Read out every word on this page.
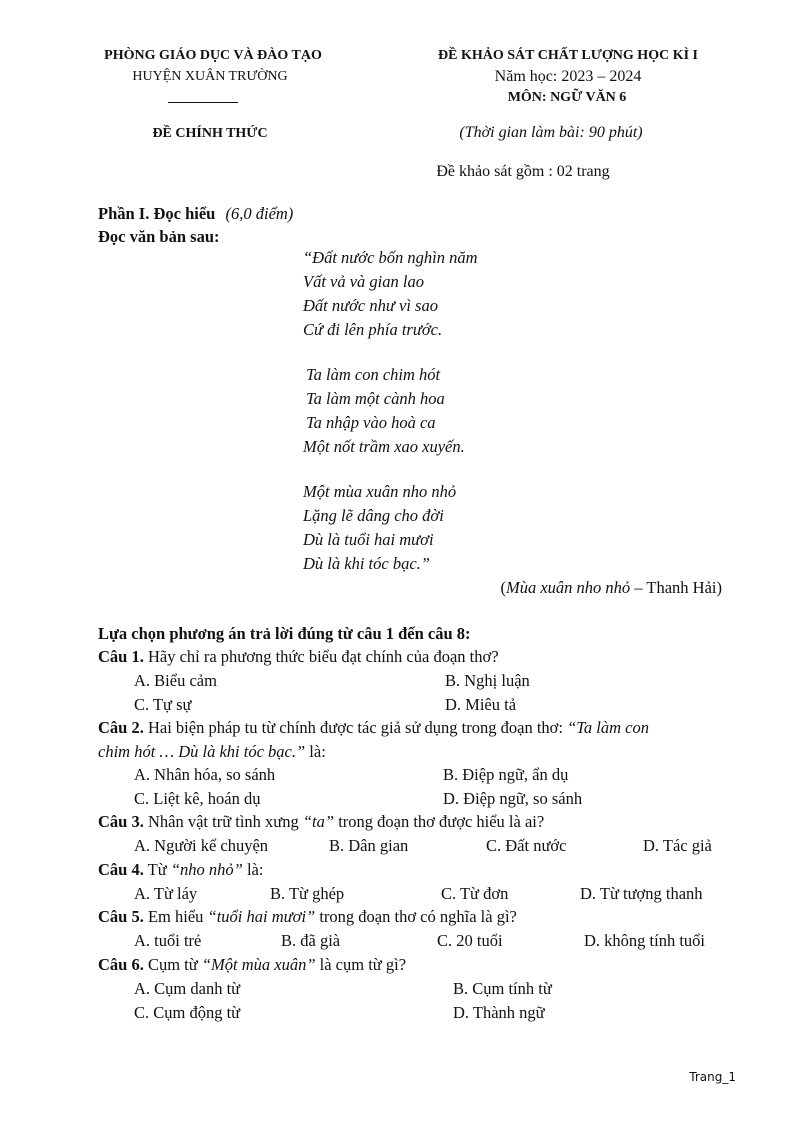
PHÒNG GIÁO DỤC VÀ ĐÀO TẠO
HUYỆN XUÂN TRƯỜNG
ĐỀ CHÍNH THỨC
ĐỀ KHẢO SÁT CHẤT LƯỢNG HỌC KÌ I
Năm học: 2023 – 2024
MÔN: NGỮ VĂN 6
(Thời gian làm bài: 90 phút)
Đề khảo sát gồm : 02 trang
Phần I. Đọc hiểu (6,0 điểm)
Đọc văn bản sau:
“Đất nước bốn nghìn năm
Vất vả và gian lao
Đất nước như vì sao
Cứ đi lên phía trước.
Ta làm con chim hót
Ta làm một cành hoa
Ta nhập vào hoà ca
Một nốt trầm xao xuyến.
Một mùa xuân nho nhỏ
Lặng lẽ dâng cho đời
Dù là tuổi hai mươi
Dù là khi tóc bạc.”
(Mùa xuân nho nhỏ – Thanh Hải)
Lựa chọn phương án trả lời đúng từ câu 1 đến câu 8:
Câu 1. Hãy chỉ ra phương thức biểu đạt chính của đoạn thơ?
A. Biểu cảm	B. Nghị luận
C. Tự sự	D. Miêu tả
Câu 2. Hai biện pháp tu từ chính được tác giả sử dụng trong đoạn thơ: “Ta làm con
chim hót … Dù là khi tóc bạc.” là:
A. Nhân hóa, so sánh	B. Điệp ngữ, ẩn dụ
C. Liệt kê, hoán dụ	D. Điệp ngữ, so sánh
Câu 3. Nhân vật trữ tình xưng “ta” trong đoạn thơ được hiểu là ai?
A. Người kể chuyện	B. Dân gian	C. Đất nước	D. Tác giả
Câu 4. Từ “nho nhỏ” là:
A. Từ láy	B. Từ ghép	C. Từ đơn	D. Từ tượng thanh
Câu 5. Em hiểu “tuổi hai mươi” trong đoạn thơ có nghĩa là gì?
A. tuổi trẻ	B. đã già	C. 20 tuổi	D. không tính tuổi
Câu 6. Cụm từ “Một mùa xuân” là cụm từ gì?
A. Cụm danh từ	B. Cụm tính từ
C. Cụm động từ	D. Thành ngữ
Trang_1
